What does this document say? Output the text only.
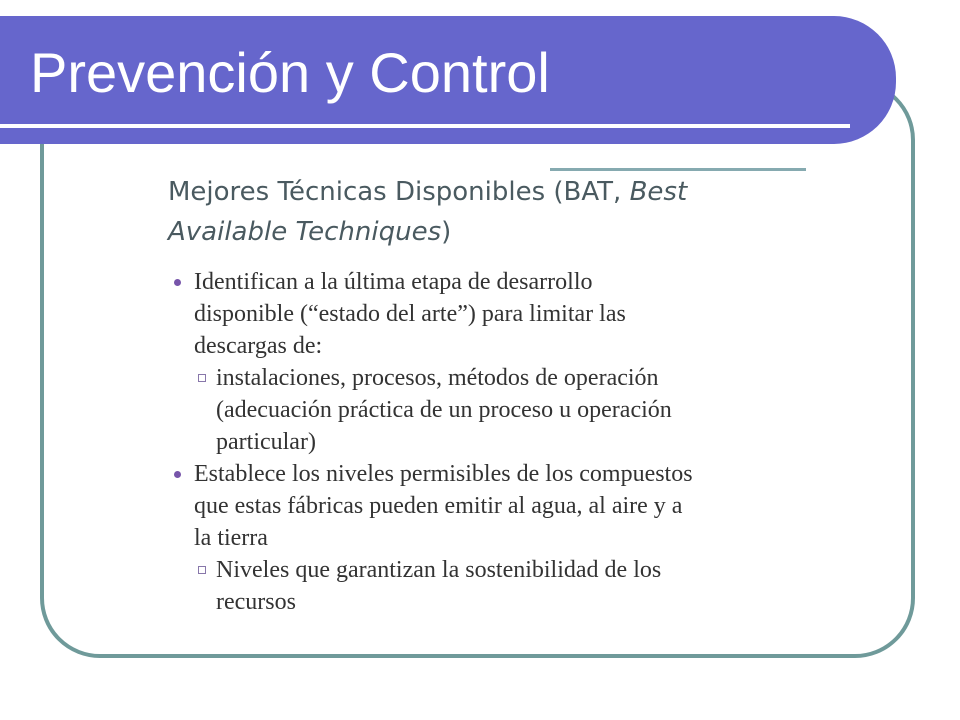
Prevención y Control
Mejores Técnicas Disponibles (BAT, Best
Available Techniques)
Identifican a la última etapa de desarrollo
disponible (“estado del arte”) para limitar las
descargas de:
instalaciones, procesos, métodos de operación
(adecuación práctica de un proceso u operación
particular)
Establece los niveles permisibles de los compuestos
que estas fábricas pueden emitir al agua, al aire y a
la tierra
Niveles que garantizan la sostenibilidad de los
recursos
